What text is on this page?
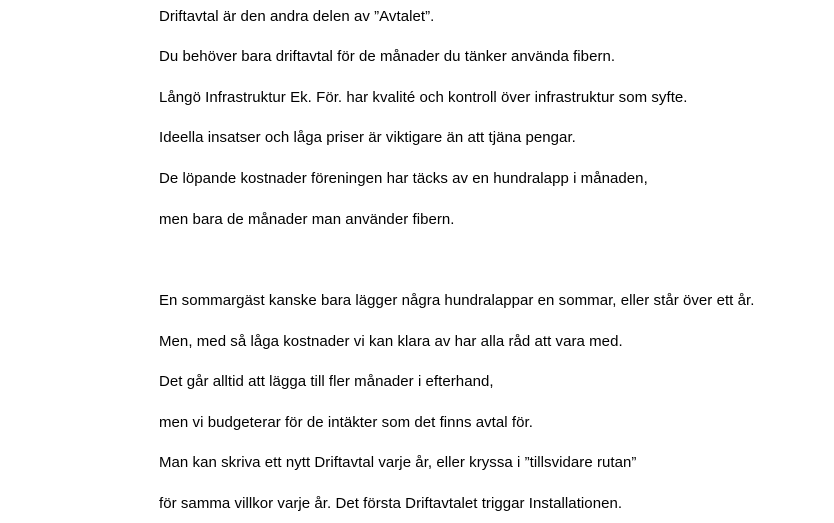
Driftavtal är den andra delen av ”Avtalet”.
Du behöver bara driftavtal för de månader du tänker använda fibern.
Långö Infrastruktur Ek. För. har kvalité och kontroll över infrastruktur som syfte.
Ideella insatser och låga priser är viktigare än att tjäna pengar.
De löpande kostnader föreningen har täcks av en hundralapp i månaden,
men bara de månader man använder fibern.
En sommargäst kanske bara lägger några hundralappar en sommar, eller står över ett år.
Men, med så låga kostnader vi kan klara av har alla råd att vara med.
Det går alltid att lägga till fler månader i efterhand,
men vi budgeterar för de intäkter som det finns avtal för.
Man kan skriva ett nytt Driftavtal varje år, eller kryssa i ”tillsvidare rutan”
för samma villkor varje år. Det första Driftavtalet triggar Installationen.
